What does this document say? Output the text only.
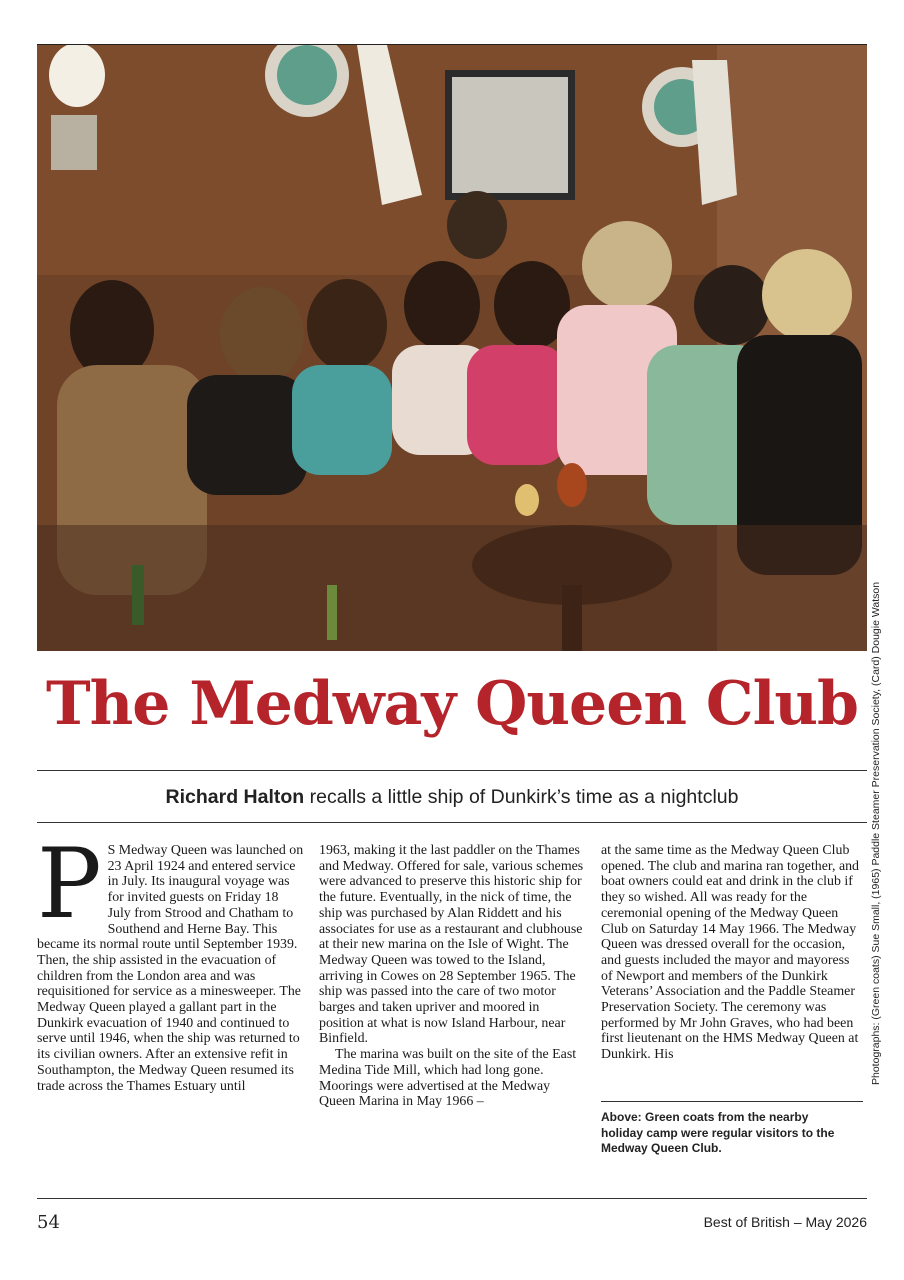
Photographs: (Green coats) Sue Small, (1965) Paddle Steamer Preservation Society, (Card) Dougie Watson
The Medway Queen Club
Richard Halton recalls a little ship of Dunkirk’s time as a nightclub
P S Medway Queen was launched on 23 April 1924 and entered service in July. Its inaugural voyage was for invited guests on Friday 18 July from Strood and Chatham to Southend and Herne Bay. This became its normal route until September 1939. Then, the ship assisted in the evacuation of children from the London area and was requisitioned for service as a minesweeper. The Medway Queen played a gallant part in the Dunkirk evacuation of 1940 and continued to serve until 1946, when the ship was returned to its civilian owners. After an extensive refit in Southampton, the Medway Queen resumed its trade across the Thames Estuary until

1963, making it the last paddler on the Thames and Medway. Offered for sale, various schemes were advanced to preserve this historic ship for the future. Eventually, in the nick of time, the ship was purchased by Alan Riddett and his associates for use as a restaurant and clubhouse at their new marina on the Isle of Wight. The Medway Queen was towed to the Island, arriving in Cowes on 28 September 1965. The ship was passed into the care of two motor barges and taken upriver and moored in position at what is now Island Harbour, near Binfield.

The marina was built on the site of the East Medina Tide Mill, which had long gone. Moorings were advertised at the Medway Queen Marina in May 1966 –

at the same time as the Medway Queen Club opened. The club and marina ran together, and boat owners could eat and drink in the club if they so wished. All was ready for the ceremonial opening of the Medway Queen Club on Saturday 14 May 1966. The Medway Queen was dressed overall for the occasion, and guests included the mayor and mayoress of Newport and members of the Dunkirk Veterans’ Association and the Paddle Steamer Preservation Society. The ceremony was performed by Mr John Graves, who had been first lieutenant on the HMS Medway Queen at Dunkirk. His

Above: Green coats from the nearby holiday camp were regular visitors to the Medway Queen Club.
54	Best of British – May 2026
